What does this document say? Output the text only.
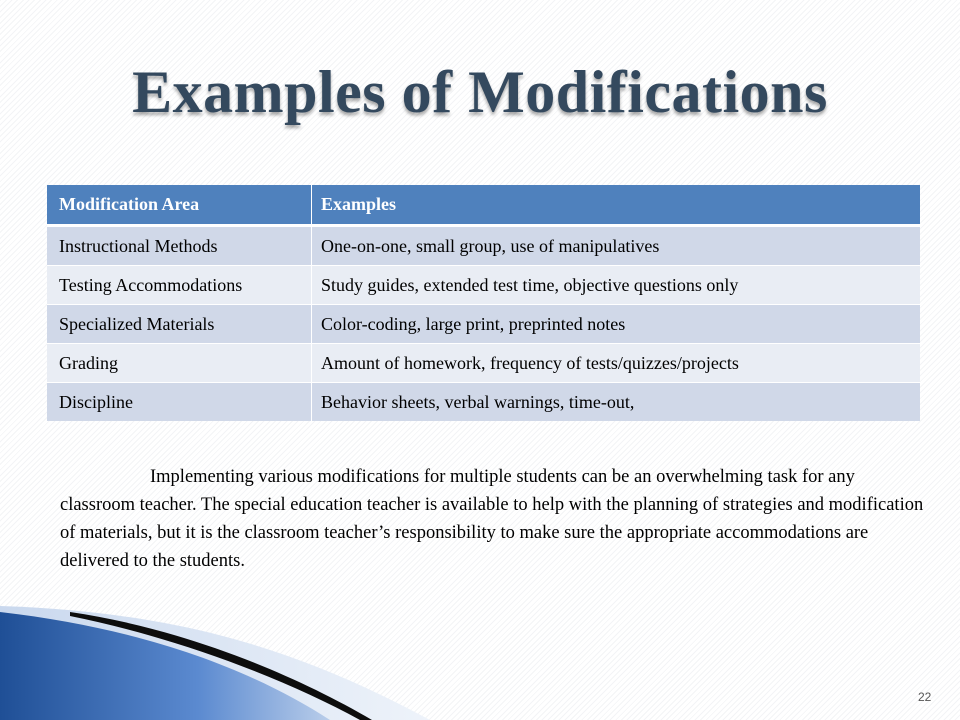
Examples of Modifications
Modification Area	Examples
Instructional Methods	One-on-one, small group, use of manipulatives
Testing Accommodations	Study guides, extended test time, objective questions only
Specialized Materials	Color-coding, large print, preprinted notes
Grading	Amount of homework, frequency of tests/quizzes/projects
Discipline	Behavior sheets, verbal warnings, time-out,

Implementing various modifications for multiple students can be an overwhelming task for any classroom teacher. The special education teacher is available to help with the planning of strategies and modification of materials, but it is the classroom teacher’s responsibility to make sure the appropriate accommodations are delivered to the students.

22
